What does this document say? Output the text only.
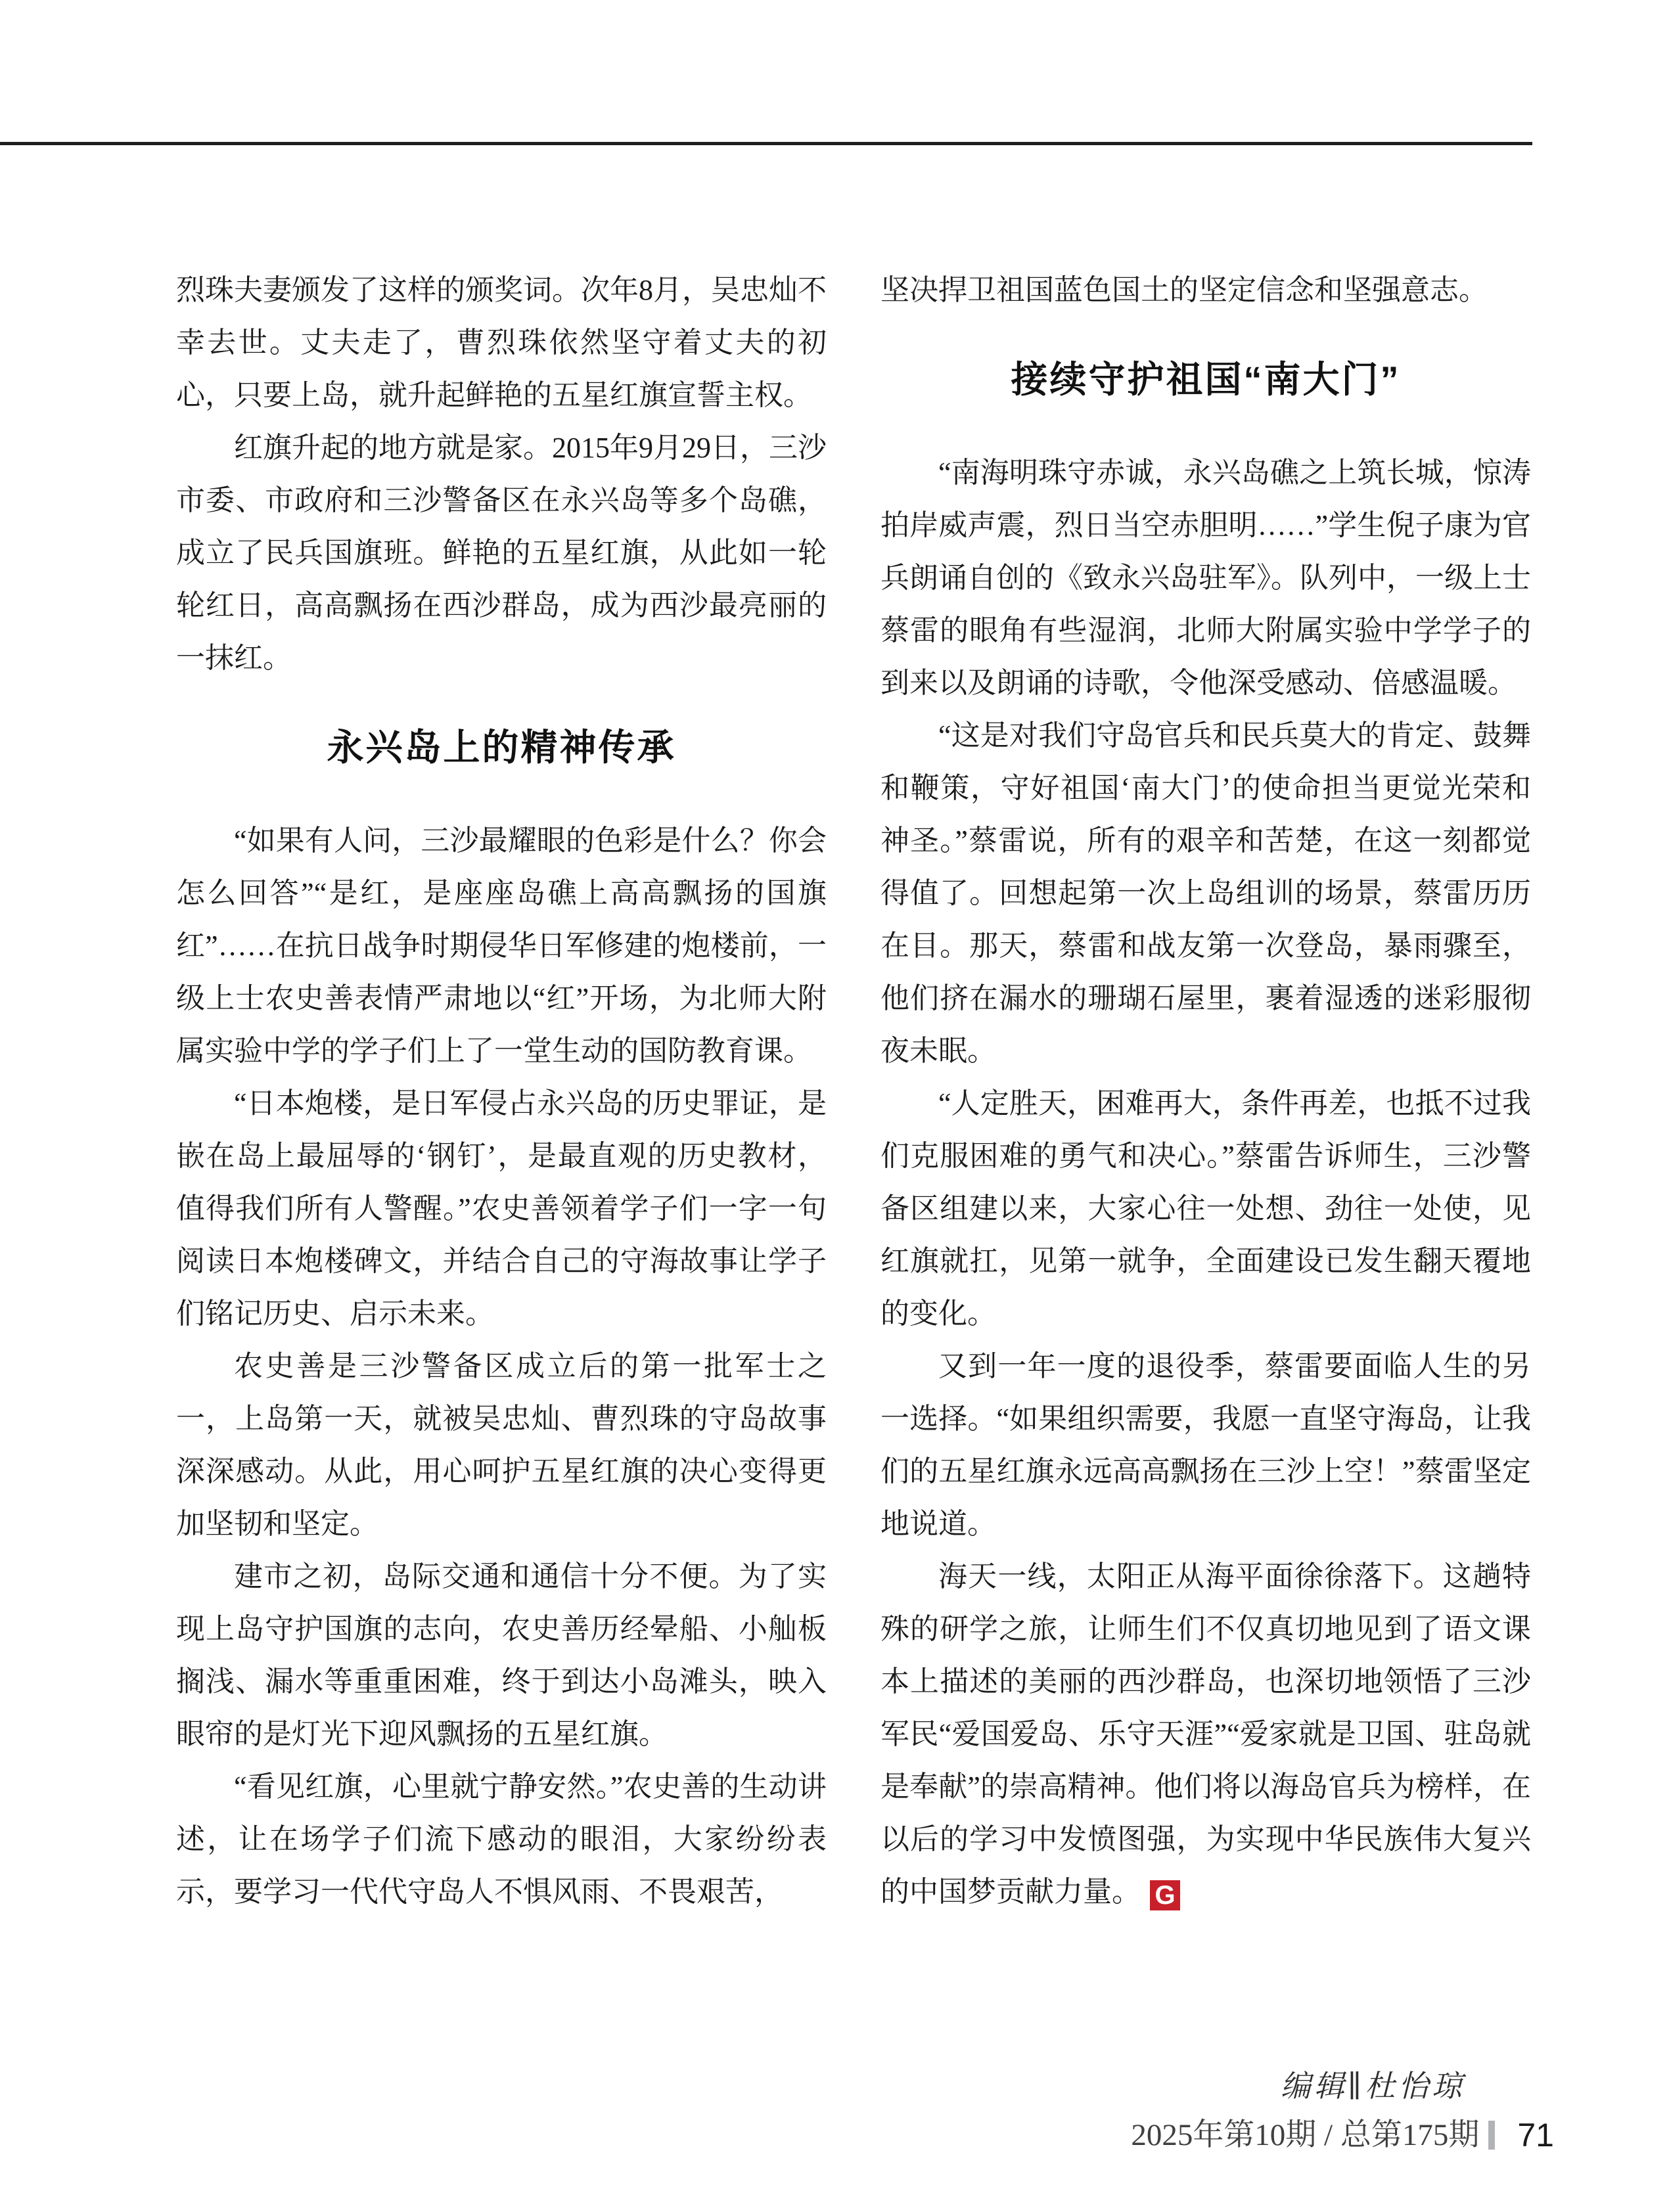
烈珠夫妻颁发了这样的颁奖词。次年8月，吴忠灿不幸去世。丈夫走了，曹烈珠依然坚守着丈夫的初心，只要上岛，就升起鲜艳的五星红旗宣誓主权。

红旗升起的地方就是家。2015年9月29日，三沙市委、市政府和三沙警备区在永兴岛等多个岛礁，成立了民兵国旗班。鲜艳的五星红旗，从此如一轮轮红日，高高飘扬在西沙群岛，成为西沙最亮丽的一抹红。

永兴岛上的精神传承

“如果有人问，三沙最耀眼的色彩是什么？你会怎么回答”“是红，是座座岛礁上高高飘扬的国旗红”……在抗日战争时期侵华日军修建的炮楼前，一级上士农史善表情严肃地以“红”开场，为北师大附属实验中学的学子们上了一堂生动的国防教育课。

“日本炮楼，是日军侵占永兴岛的历史罪证，是嵌在岛上最屈辱的‘钢钉’，是最直观的历史教材，值得我们所有人警醒。”农史善领着学子们一字一句阅读日本炮楼碑文，并结合自己的守海故事让学子们铭记历史、启示未来。

农史善是三沙警备区成立后的第一批军士之一，上岛第一天，就被吴忠灿、曹烈珠的守岛故事深深感动。从此，用心呵护五星红旗的决心变得更加坚韧和坚定。

建市之初，岛际交通和通信十分不便。为了实现上岛守护国旗的志向，农史善历经晕船、小舢板搁浅、漏水等重重困难，终于到达小岛滩头，映入眼帘的是灯光下迎风飘扬的五星红旗。

“看见红旗，心里就宁静安然。”农史善的生动讲述，让在场学子们流下感动的眼泪，大家纷纷表示，要学习一代代守岛人不惧风雨、不畏艰苦，

坚决捍卫祖国蓝色国土的坚定信念和坚强意志。

接续守护祖国“南大门”

“南海明珠守赤诚，永兴岛礁之上筑长城，惊涛拍岸威声震，烈日当空赤胆明……”学生倪子康为官兵朗诵自创的《致永兴岛驻军》。队列中，一级上士蔡雷的眼角有些湿润，北师大附属实验中学学子的到来以及朗诵的诗歌，令他深受感动、倍感温暖。

“这是对我们守岛官兵和民兵莫大的肯定、鼓舞和鞭策，守好祖国‘南大门’的使命担当更觉光荣和神圣。”蔡雷说，所有的艰辛和苦楚，在这一刻都觉得值了。回想起第一次上岛组训的场景，蔡雷历历在目。那天，蔡雷和战友第一次登岛，暴雨骤至，他们挤在漏水的珊瑚石屋里，裹着湿透的迷彩服彻夜未眠。

“人定胜天，困难再大，条件再差，也抵不过我们克服困难的勇气和决心。”蔡雷告诉师生，三沙警备区组建以来，大家心往一处想、劲往一处使，见红旗就扛，见第一就争，全面建设已发生翻天覆地的变化。

又到一年一度的退役季，蔡雷要面临人生的另一选择。“如果组织需要，我愿一直坚守海岛，让我们的五星红旗永远高高飘扬在三沙上空！”蔡雷坚定地说道。

海天一线，太阳正从海平面徐徐落下。这趟特殊的研学之旅，让师生们不仅真切地见到了语文课本上描述的美丽的西沙群岛，也深切地领悟了三沙军民“爱国爱岛、乐守天涯”“爱家就是卫国、驻岛就是奉献”的崇高精神。他们将以海岛官兵为榜样，在以后的学习中发愤图强，为实现中华民族伟大复兴的中国梦贡献力量。 G

编辑∥杜怡琼
2025年第10期 / 总第175期 71
